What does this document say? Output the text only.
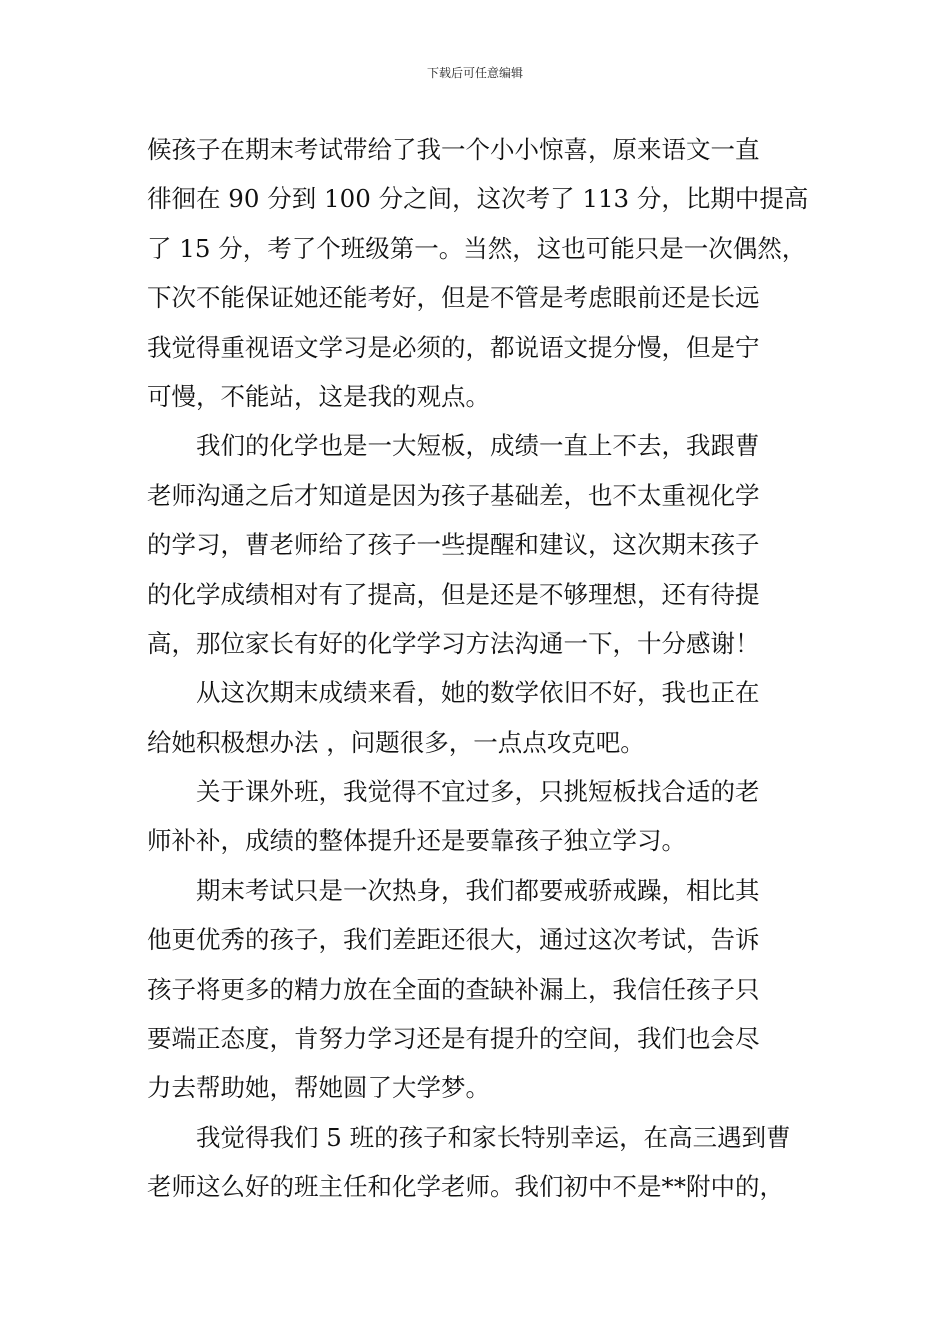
下载后可任意编辑
候孩子在期末考试带给了我一个小小惊喜，原来语文一直
徘徊在 90 分到 100 分之间，这次考了 113 分，比期中提高
了 15 分，考了个班级第一。当然，这也可能只是一次偶然，
下次不能保证她还能考好，但是不管是考虑眼前还是长远
我觉得重视语文学习是必须的，都说语文提分慢，但是宁
可慢，不能站，这是我的观点。
　　我们的化学也是一大短板，成绩一直上不去，我跟曹
老师沟通之后才知道是因为孩子基础差，也不太重视化学
的学习，曹老师给了孩子一些提醒和建议，这次期末孩子
的化学成绩相对有了提高，但是还是不够理想，还有待提
高，那位家长有好的化学学习方法沟通一下，十分感谢！
　　从这次期末成绩来看，她的数学依旧不好，我也正在
给她积极想办法 ，问题很多，一点点攻克吧。
　　关于课外班，我觉得不宜过多，只挑短板找合适的老
师补补，成绩的整体提升还是要靠孩子独立学习。
　　期末考试只是一次热身，我们都要戒骄戒躁，相比其
他更优秀的孩子，我们差距还很大，通过这次考试，告诉
孩子将更多的精力放在全面的查缺补漏上，我信任孩子只
要端正态度，肯努力学习还是有提升的空间，我们也会尽
力去帮助她，帮她圆了大学梦。
　　我觉得我们 5 班的孩子和家长特别幸运，在高三遇到曹
老师这么好的班主任和化学老师。我们初中不是**附中的，
